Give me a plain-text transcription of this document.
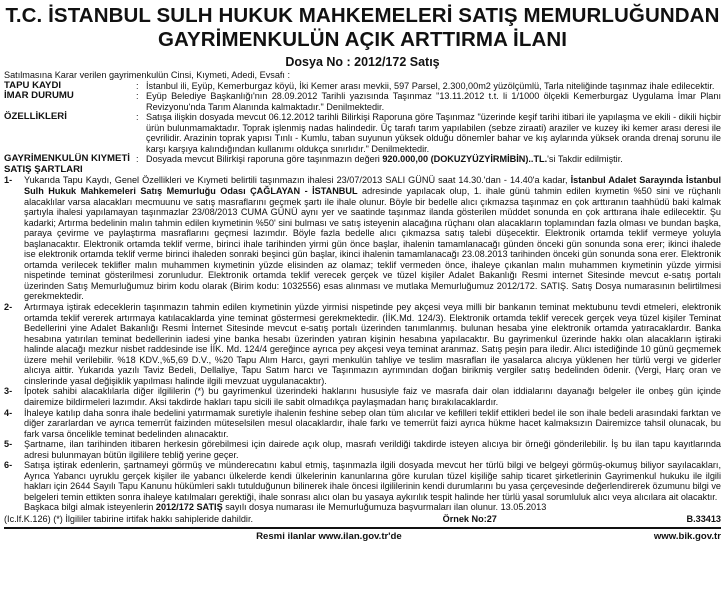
T.C. İSTANBUL SULH HUKUK MAHKEMELERİ SATIŞ MEMURLUĞUNDAN
GAYRİMENKULÜN AÇIK ARTTIRMA İLANI
Dosya No : 2012/172 Satış

Satılmasına Karar verilen gayrimenkulün Cinsi, Kıymeti, Adedi, Evsafı :

TAPU KAYDI	: İstanbul ili, Eyüp, Kemerburgaz köyü, İki Kemer arası mevkii, 597 Parsel, 2.300,00m2 yüzölçümlü, Tarla niteliğinde taşınmaz ihale edilecektir.
İMAR DURUMU	: Eyüp Belediye Başkanlığı'nın 28.09.2012 Tarihli yazısında Taşınmaz "13.11.2012 t.t. li 1/1000 ölçekli Kemerburgaz Uygulama İmar Planı Revizyonu'nda Tarım Alanında kalmaktadır." Denilmektedir.
ÖZELLİKLERİ	: Satışa ilişkin dosyada mevcut 06.12.2012 tarihli Bilirkişi Raporuna göre Taşınmaz "üzerinde keşif tarihi itibari ile yapılaşma ve ekili - dikili hiçbir ürün bulunmamaktadır. Toprak işlenmiş nadas halindedir. Üç tarafı tarım yapılabilen (sebze ziraati) araziler ve kuzey iki kemer arası deresi ile çevrilidir. Arazinin toprak yapısı Tınlı - Kumlu, taban suyunun yüksek olduğu dönemler bahar ve kış aylarında yüksek oranda drenaj sorunu ile karşı karşıya kalındığından kullanımı oldukça sınırlıdır." Denilmektedir.
GAYRİMENKULÜN KIYMETİ : Dosyada mevcut Bilirkişi raporuna göre taşınmazın değeri 920.000,00 (DOKUZYÜZYİRMİBİN)..TL.'si Takdir edilmiştir.

SATIŞ ŞARTLARI

1-	Yukarıda Tapu Kaydı, Genel Özellikleri ve Kıymeti belirtili taşınmazın ihalesi 23/07/2013 SALI GÜNÜ saat 14.30.'dan - 14.40'a kadar, İstanbul Adalet Sarayında İstanbul Sulh Hukuk Mahkemeleri Satış Memurluğu Odası ÇAĞLAYAN - İSTANBUL adresinde yapılacak olup, 1. ihale günü tahmin edilen kıymetin %50 sini ve rüçhanlı alacaklılar varsa alacakları mecmuunu ve satış masraflarını geçmek şartı ile ihale olunur. Böyle bir bedelle alıcı çıkmazsa taşınmaz en çok arttıranın taahhüdü baki kalmak şartıyla ihalesi yapılamayan taşınmazlar 23/08/2013 CUMA GÜNÜ aynı yer ve saatinde taşınmaz ilanda gösterilen müddet sonunda en çok arttırana ihale edilecektir. Şu kadarki; Artırma bedelinin malın tahmin edilen kıymetinin %50' sini bulması ve satış isteyenin alacağına rüçhanı olan alacakların toplamından fazla olması ve bundan başka, paraya çevirme ve paylaştırma masraflarını geçmesi lazımdır. Böyle fazla bedelle alıcı çıkmazsa satış talebi düşecektir. Elektronik ortamda teklif vermeye yoluyla başlanacaktır. Elektronik ortamda teklif verme, birinci ihale tarihinden yirmi gün önce başlar, ihalenin tamamlanacağı günden önceki gün sonunda sona erer; ikinci ihalede ise elektronik ortamda teklif verme birinci ihaleden sonraki beşinci gün başlar, ikinci ihalenin tamamlanacağı 23.08.2013 tarihinden önceki gün sonunda sona erer. Elektronik ortamda verilecek teklifler malın muhammen kıymetinin yüzde elisinden az olamaz; teklif vermeden önce, ihaleye çıkanlan malın muhammen kıymetinin yüzde yirmisi nispetinde teminat gösterilmesi zorunludur. Elektronik ortamda teklif verecek gerçek ve tüzel kişiler Adalet Bakanlığı Resmi internet Sitesinde mevcut e-satış portalı üzerinden Satış Memurluğumuz birim kodu olarak (Birim kodu: 1032556) esas alınması ve mutlaka Memurluğumuz 2012/172. SATIŞ. Satış Dosya numarasının belirtilmesi gerekmektedir.
2-	Artırmaya iştirak edeceklerin taşınmazın tahmin edilen kıymetinin yüzde yirmisi nispetinde pey akçesi veya milli bir bankanın teminat mektubunu tevdi etmeleri, elektronik ortamda teklif vererek artırmaya katılacaklarda yine teminat göstermesi gerekmektedir. (İİK.Md. 124/3). Elektronik ortamda teklif verecek gerçek veya tüzel kişiler Teminat Bedellerini yine Adalet Bakanlığı Resmi İnternet Sitesinde mevcut e-satış portalı üzerinden tanımlanmış. bulunan hesaba yine elektronik ortamda yatıracaklardır. Banka hesabına yatırılan teminat bedellerinin iadesi yine banka hesabı üzerinden yatıran kişinin hesabına yapılacaktır. Bu gayrimenkul üzerinde hakkı olan alacakların iştiraki halinde alacağı mezkur nisbet raddesinde ise İİK. Md. 124/4 gereğince ayrıca pey akçesi veya teminat aranmaz. Satış peşin para iledir. Alıcı istediğinde 10 günü geçmemek üzere mehil verilebilir. %18 KDV.,%5,69 D.V., %20 Tapu Alım Harcı, gayri menkulün tahliye ve teslim masrafları ile yasalarca alıcıya yüklenen her türlü vergi ve giderler alıcıya aittir. Yukarıda yazılı Taviz Bedeli, Dellaliye, Tapu Satım harcı ve Taşınmazın ayrımından doğan birikmiş vergiler satış bedelinden ödenir. (Vergi, Harç oran ve cinslerinde yasal değişiklik yapılması halinde ilgili mevzuat uygulanacaktır).
3-	İpotek sahibi alacaklılarla diğer ilgililerin (*) bu gayrimenkul üzerindeki haklarını hususiyle faiz ve masrafa dair olan iddialarını dayanağı belgeler ile onbeş gün içinde dairemize bildirmeleri lazımdır. Aksi takdirde hakları tapu sicili ile sabit olmadıkça paylaşmadan harıç bırakılacaklardır.
4-	İhaleye katılıp daha sonra ihale bedelini yatırmamak suretiyle ihalenin feshine sebep olan tüm alıcılar ve kefilleri teklif ettikleri bedel ile son ihale bedeli arasındaki farktan ve diğer zararlardan ve ayrıca temerrüt faizinden müteselsilen mesul olacaklardır, ihale farkı ve temerrüt faizi ayrıca hükme hacet kalmaksızın Dairemizce tahsil olunacak, bu fark varsa öncelikle teminat bedelinden alınacaktır.
5-	Şartname, ilan tarihinden itibaren herkesin görebilmesi için dairede açık olup, masrafı verildiği takdirde isteyen alıcıya bir örneği gönderilebilir. İş bu ilan tapu kayıtlarında adresi bulunmayan bütün ilgililere tebliğ yerine geçer.
6-	Satışa iştirak edenlerin, şartnameyi görmüş ve münderecatını kabul etmiş, taşınmazla ilgili dosyada mevcut her türlü bilgi ve belgeyi görmüş-okumuş biliyor sayılacakları, Ayrıca Yabancı uyruklu gerçek kişiler ile yabancı ülkelerde kendi ülkelerinin kanunlarına göre kurulan tüzel kişiliğe sahip ticaret şirketlerinin Gayrimenkul hukuku ile ilgili hakları için 2644 Sayılı Tapu Kanunu hükümleri saklı tutulduğunun bilinerek ihale öncesi ilgililerinin kendi durumlarını bu yasa çerçevesinde değerlendirerek özumunu bilgi ve belgeleri temin ettikten sonra ihaleye katılmaları gerektiği, ihale sonrası alıcı olan bu yasaya aykırılık tespit halinde her türlü yasal sorumluluk alıcı veya alıcılara ait olacaktır.
Başkaca bilgi almak isteyenlerin 2012/172 SATIŞ sayılı dosya numarası ile Memurluğumuza başvurmaları ilan olunur. 13.05.2013
(Ic.lf.K.126) (*) İlgililer tabirine irtifak hakkı sahipleride dahildir.	Örnek No:27	B.33413
Resmi ilanlar www.ilan.gov.tr'de	www.bik.gov.tr
